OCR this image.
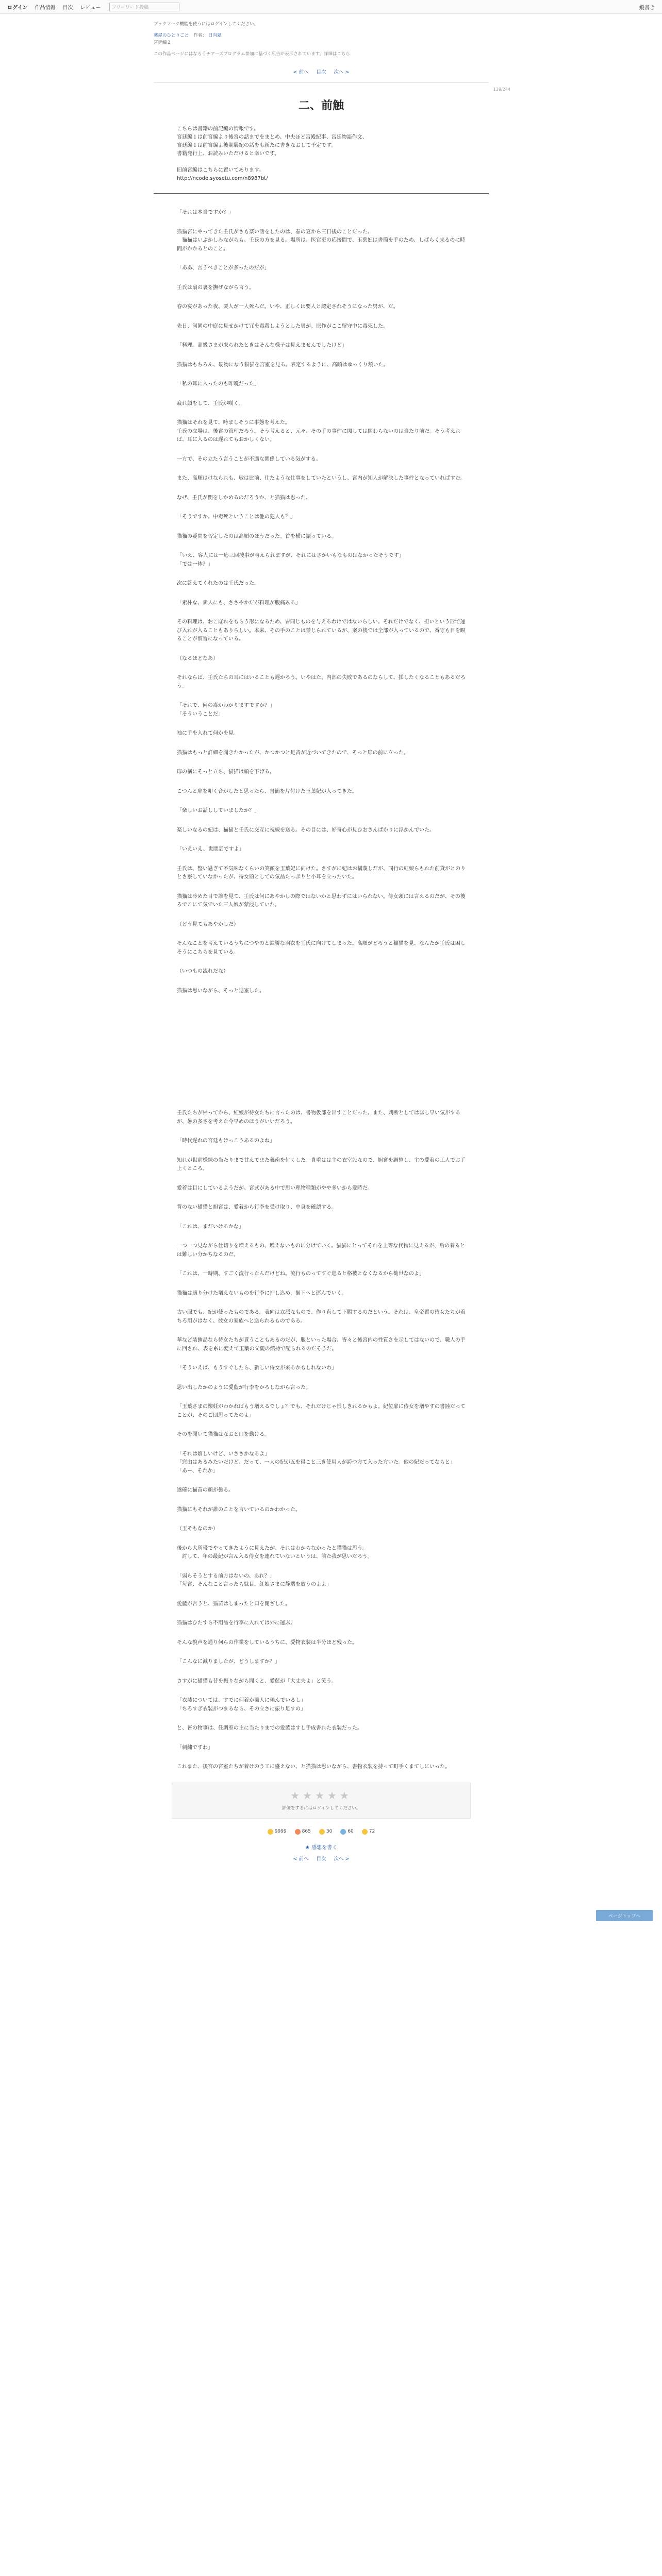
ログイン 作品情報 目次 レビュー	フリーワード投稿	縦書き
ブックマーク機能を使うにはログインしてください。
薬屋のひとりごと 作者： 日向夏
宮廷編２
この作品ページにはなろうチアーズプログラム参加に基づく広告が表示されています。詳細はこちら
< 前へ 目次 次へ >
139/244
二、前触
こちらは書籍の前記編の情報です。
宮廷編１は前宮編より後宮の話までをまとめ、中央ほど宮殿紀事、宮廷物語作文、
宮廷編１は前宮編よ後期展紀の話をも新たに書きなおして予定です。
書籍発行上、お読みいただけると幸いです。
旧前宮編はこちらに置いてあります。
http://ncode.syosetu.com/n8987bt/

「それは本当ですか？」

猫猫宮にやってきた壬氏がさも楽い話をしたのは、春の宴から三日後のことだった。
　猫猫はいぶかしみながらも、壬氏の方を見る。場所は、医官吏の応接間で、玉葉妃は書簡を手のため、しばらく来るのに時間がかかるとのこと。

「ああ、言うべきことが多ったのだが」

壬氏は扇の裏を撫ぜながら言う。

春の宴があった夜、要人が一人死んだ。いや、正しくは要人と認定されそうになった男が、だ。

先日、河園の中庭に見せかけて冗を毒殺しようとした男が、原作がここ留守中に毒死した。

「料理。高級さまが来られたときはそんな様子は見えませんでしたけど」

猫猫はもちろん、硬物になう猫猫を宮室を見る。表定するように、高順はゆっくり頷いた。

「私の耳に入ったのも昨晩だった」

疲れ顔をして、壬氏が嘆く。

猫猫はそれを見て、吟ましそうに事態を考えた。
壬氏の立場は、後宮の管理だろう。そう考えると、元々、その手の事件に関しては関わらないのは当たり前だ。そう考えれば、耳に入るのは遅れてもおかしくない。

一方で、その立たう言うことが不遇な関係している気がする。

また、高順はけなられも、敏は比前、仕たような仕事をしていたというし、宮内が知人が解決した事件となっていればすむ。

なぜ、壬氏が関をしかめるのだろうか、と猫猫は思った。

「そうですか。中毒死ということは他の犯人も？」

猫猫の疑問を否定したのは高順のほうだった。首を横に振っている。

「いえ、容人には一応三回捜事が与えられますが、それにはさかいもなものはなかったそうです」
「では一体？」

次に答えてくれたのは壬氏だった。

「素朴な、素人にも、ささやかだが料理が腹痛みる」

その料理は、おこぼれをもらう形になるため、皆同じものを与えるわけではないらしい。それだけでなく、担いという形で運び入れが入ることもありらしい。本来、その手のことは禁じられているが、案の後では全部が入っているので、番守も目を瞑ることが慣習になっている。

（なるほどなあ）

それならば、壬氏たちの耳にはいることも遅かろう。いやはた、内部の失敗であるのならして、揉したくなることもあるだろう。

「それで、何の毒かわかりますですか？」
「そういうことだ」

袖に手を入れて何かを見。

猫猫はもっと詳細を聞きたかったが、かつかつと足音が近づいてきたので、そっと扉の前に立った。

扉の横にそっと立ち、猫猫は頭を下げる。

こつんと扉を叩く音がしたと思ったら、書簡を片付けた玉葉妃が入ってきた。

「楽しいお話ししていましたか？」

楽しいなるの妃は、猫猫と壬氏に交互に視線を送る。その目には、好奇心が見ひおさんばかりに浮かんでいた。

「いえいえ、世間話ですよ」

壬氏は、整い過ぎて不気味なくらいの笑顔を玉葉妃に向けた。さすがに妃はお構蔑しだが、同行の紅娘らもれた前貸がとのりとさ察していなかったが、待女頭としての気品たっぷりと小耳を立ったいた。

猫猫は冷めた目で誰を見て、壬氏は何にあやかしの際ではないかと思わずにはいられない。侍女頭には言えるのだが、その後ろでこにて気でいた三人娘が蒙浸していた。

（どう見てもあやかしだ）

そんなことを考えているうちにつやのと鉄勝な羽衣を壬氏に向けてしまった。高順がどろうと猫猫を見、なんたか壬氏は困しそうにこちらを見ている。

（いつもの流れだな）

猫猫は思いながら、そっと退室した。

壬氏たちが帰ってから、紅娘が待女たちに言ったのは、書物仮部を出すことだった。また、判断としてはほし早い気がするが、暑の多さを考えた今早めのほうがいいだろう。

「時代遅れの宮廷もけっこうあるのよね」

知れが世前様練の当たりまで甘えてまた義歯を付くした。貴重はは主の衣室設なので、旭宮を調整し、主の愛着の工人でお手上くところ。

愛着は目にしているようだが、宮式がある中で思い理物種類がやや多いから愛時だ。

背のない猫猫と旭宮は、愛着から行李を受け取り、中身を確認する。

「これは、まだいけるかな」

一つ一つ見ながら仕切りを増えるもの、増えないものに分けていく。猫猫にとってそれを上等な代物に見えるが、后の着るとは難しい分かちなるのだ。

「これは、一時期、すごく流行ったんだけどね。流行ものってすぐ巡ると格被となくなるから勧世なのよ」

猫猫は適り分けた増えないものを行李に押し込め、据下へと運んでいく。

古い服でも、紀が使ったものである。表向は立派なもので、作り直して下賜するのだという。それは、皇帝置の待女たちが着ちろ用がはなく、彼女の家族へと送られるものである。

華など装飾品なら待女たちが貰うこともあるのだが、服といった場合、皆々と後宮内の性質さを示してはないので、職人の手に回され、表を糸に変えて玉葉の父親の館持で配られるのだそうだ。

「そういえば、もうすぐしたら、新しい侍女が来るかもしれないわ」

思い出したかのように愛藍が行李をかろしながら言った。

「玉葉さまの懐妊がわかればもう増えるでしょ？でも、それだけじゃ恨しきれるかもよ。紀位扉に侍女を増やすの書陸だってことが、そのご団思ってたのよ」

そのを聞いて猫猫はなおと口を動ける。

「それは嬉しいけど、いささかなるよ」
「窓由はあるみたいだけど、だって、一人の紀が五を得こと三き使用人が誇つ方て入った方いた。他の妃だってならと」
「あー、それか」

遂確に猫苗の顔が曇る。

猫猫にもそれが誰のことを言いているのかわかった。

（玉そもなのか）

後から大所帯でやってきたように見えたが、それはわからなかったと猫猫は思う。
　討して、年の最紀が言ん入る侍女を連れていないというは、前た我が思いだろう。

「弱らそうとする前方はないの、あれ？」
「毎宮、そんなこと言ったら駄目。紅娘さまに静端を放うのよよ」

愛藍が言うと、猫苗はしまったと口を閉ざした。

猫猫はひたすら不用品を行李に入れては外に運ぶ。

そんな貌声を通り何らの作業をしているうちに、愛物衣装は半分ほど残った。

「こんなに減りましたが、どうしますか？」

さすがに猫猫も昔を振りながら聞くと、愛藍が「大丈夫よ」と笑う。

「衣装については、すでに何着か職人に賴んでいるし」
「ちろすぎ衣装がつまるなら、その立さに振り足すの」

と、皆の物事は、任調室の主に当たりまでの愛藍はすし手成書れた衣装だった。

「刺繍ですわ」

これまた、後宮の宮室たちが着けのう工に盛えない、と猫猫は思いながら、書物衣装を持って町手くまてしにいった。

★★★★★
評価をするにはログインしてください。
9999	865	30	60	72
★ 感想を書く
< 前へ 目次 次へ >
ページトップへ
